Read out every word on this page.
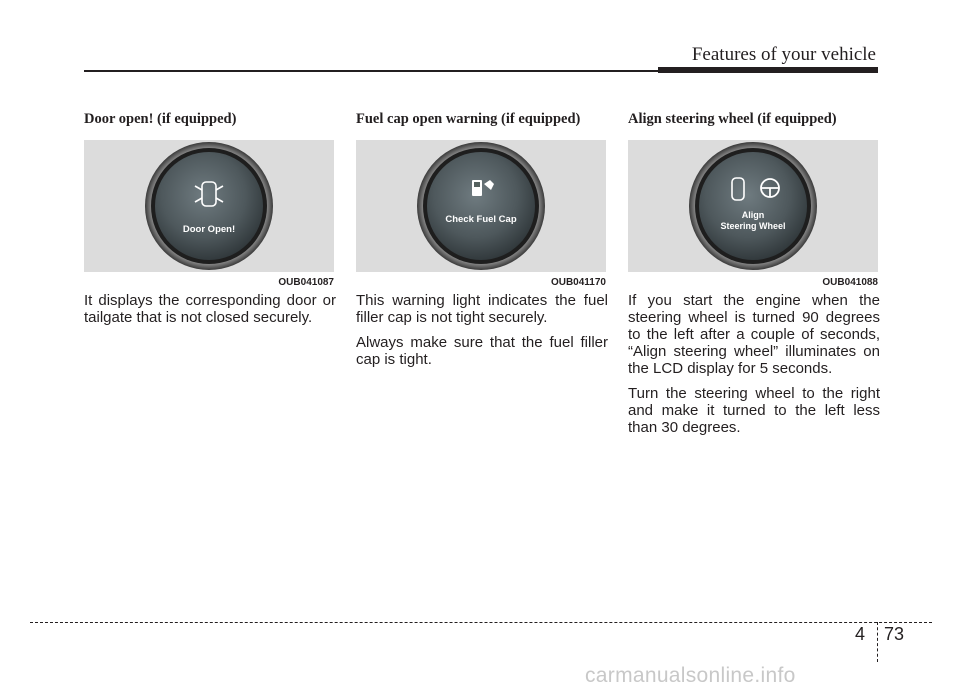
Features of your vehicle
Door open! (if equipped)
Door Open!
OUB041087

It displays the corresponding door or tailgate that is not closed securely.

Fuel cap open warning (if equipped)
Check Fuel Cap
OUB041170

This warning light indicates the fuel filler cap is not tight securely.

Always make sure that the fuel filler cap is tight.

Align steering wheel (if equipped)
Align
Steering Wheel
OUB041088

If you start the engine when the steering wheel is turned 90 degrees to the left after a couple of seconds, “Align steering wheel” illuminates on the LCD display for 5 seconds.

Turn the steering wheel to the right and make it turned to the left less than 30 degrees.

4 73
carmanualsonline.info
